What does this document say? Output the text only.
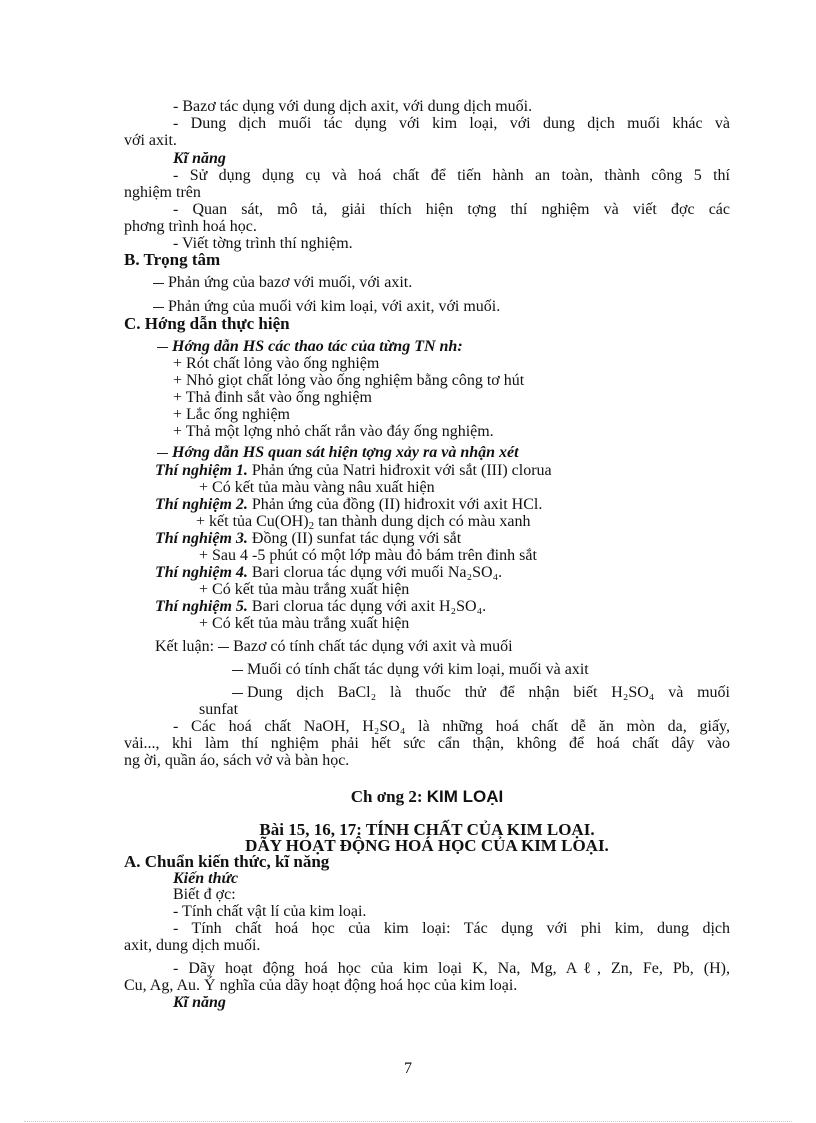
- Bazơ tác dụng với dung dịch axit, với dung dịch muối.
- Dung dịch muối tác dụng với kim loại, với dung dịch muối khác và
với axit.
Kĩ năng
- Sử dụng dụng cụ và hoá chất để tiến hành an toàn, thành công 5 thí
nghiệm trên
- Quan sát, mô tả, giải thích hiện tợng thí nghiệm và viết đợc các
phơng trình hoá học.
- Viết tờng trình thí nghiệm.
B. Trọng tâm
Phản ứng của bazơ với muối, với axit.
Phản ứng của muối với kim loại, với axit, với muối.
C. Hớng dẫn thực hiện
Hớng dẫn HS các thao tác của từng TN nh:
+ Rót chất lỏng vào ống nghiệm
+ Nhỏ giọt chất lỏng vào ống nghiệm bằng công tơ hút
+ Thả đinh sắt vào ống nghiệm
+ Lắc ống nghiệm
+ Thả một lợng nhỏ chất rắn vào đáy ống nghiệm.
Hớng dẫn HS quan sát hiện tợng xảy ra và nhận xét
Thí nghiệm 1. Phản ứng của Natri hiđroxit với sắt (III) clorua
+ Có kết tủa màu vàng nâu xuất hiện
Thí nghiệm 2. Phản ứng của đồng (II) hiđroxit với axit HCl.
+ kết tủa $Cu(OH)_2$ tan thành dung dịch có màu xanh
Thí nghiệm 3. Đồng (II) sunfat tác dụng với sắt
+ Sau 4 -5 phút có một lớp màu đỏ bám trên đinh sắt
Thí nghiệm 4. Bari clorua tác dụng với muối Na₂SO₄.
+ Có kết tủa màu trắng xuất hiện
Thí nghiệm 5. Bari clorua tác dụng với axit H₂SO₄.
+ Có kết tủa màu trắng xuất hiện
Kết luận: Bazơ có tính chất tác dụng với axit và muối
Muối có tính chất tác dụng với kim loại, muối và axit
Dung dịch BaCl₂ là thuốc thử để nhận biết H₂SO₄ và muối
sunfat
- Các hoá chất NaOH, H₂SO₄ là những hoá chất dễ ăn mòn da, giấy,
vải..., khi làm thí nghiệm phải hết sức cẩn thận, không để hoá chất dây vào
ng ời, quần áo, sách vở và bàn học.
Ch ơng 2: KIM LOẠI
Bài 15, 16, 17: TÍNH CHẤT CỦA KIM LOẠI.
DÃY HOẠT ĐỘNG HOÁ HỌC CỦA KIM LOẠI.
A. Chuẩn kiến thức, kĩ năng
Kiến thức
Biết đ ợc:
- Tính chất vật lí của kim loại.
- Tính chất hoá học của kim loại: Tác dụng với phi kim, dung dịch
axit, dung dịch muối.
- Dãy hoạt động hoá học của kim loại K, Na, Mg, Aℓ, Zn, Fe, Pb, (H),
Cu, Ag, Au. Ý nghĩa của dãy hoạt động hoá học của kim loại.
Kĩ năng
7
